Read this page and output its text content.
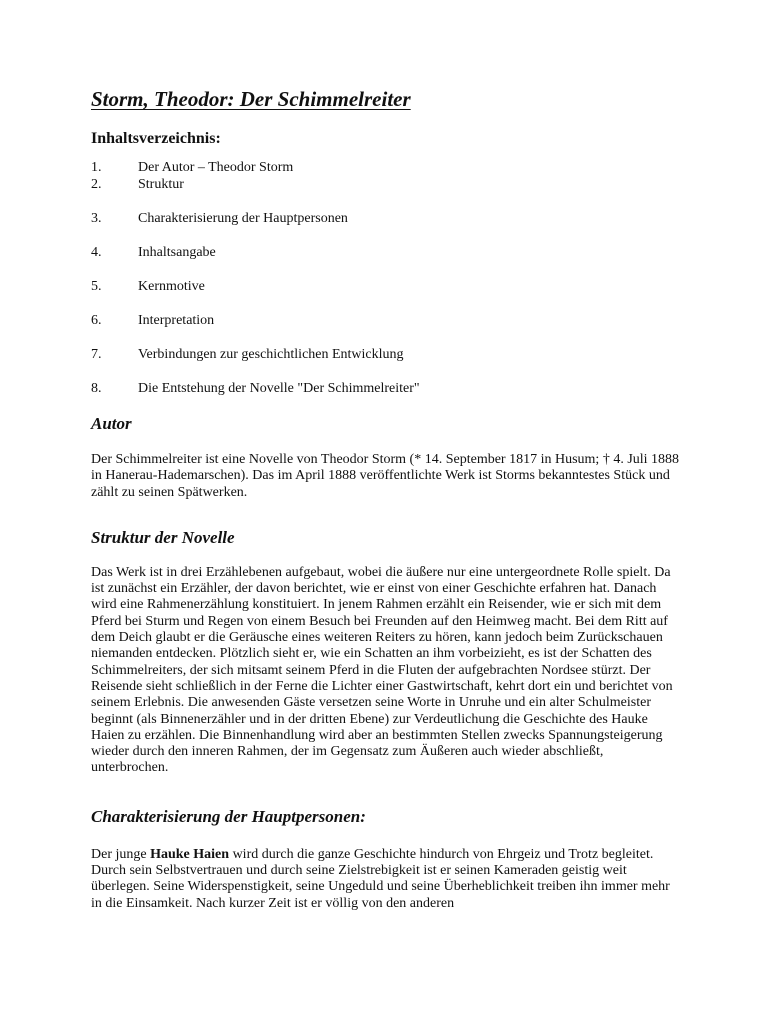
Storm, Theodor: Der Schimmelreiter
Inhaltsverzeichnis:
1.	Der Autor – Theodor Storm
2.	Struktur
3.	Charakterisierung der Hauptpersonen
4.	Inhaltsangabe
5.	Kernmotive
6.	Interpretation
7.	Verbindungen zur geschichtlichen Entwicklung
8.	Die Entstehung der Novelle "Der Schimmelreiter"
Autor

Der Schimmelreiter ist eine Novelle von Theodor Storm (* 14. September 1817 in Husum; † 4. Juli 1888 in Hanerau-Hademarschen). Das im April 1888 veröffentlichte Werk ist Storms bekanntestes Stück und zählt zu seinen Spätwerken.

Struktur der Novelle

Das Werk ist in drei Erzählebenen aufgebaut, wobei die äußere nur eine untergeordnete Rolle spielt. Da ist zunächst ein Erzähler, der davon berichtet, wie er einst von einer Geschichte erfahren hat. Danach wird eine Rahmenerzählung konstituiert. In jenem Rahmen erzählt ein Reisender, wie er sich mit dem Pferd bei Sturm und Regen von einem Besuch bei Freunden auf den Heimweg macht. Bei dem Ritt auf dem Deich glaubt er die Geräusche eines weiteren Reiters zu hören, kann jedoch beim Zurückschauen niemanden entdecken. Plötzlich sieht er, wie ein Schatten an ihm vorbeizieht, es ist der Schatten des Schimmelreiters, der sich mitsamt seinem Pferd in die Fluten der aufgebrachten Nordsee stürzt. Der Reisende sieht schließlich in der Ferne die Lichter einer Gastwirtschaft, kehrt dort ein und berichtet von seinem Erlebnis. Die anwesenden Gäste versetzen seine Worte in Unruhe und ein alter Schulmeister beginnt (als Binnenerzähler und in der dritten Ebene) zur Verdeutlichung die Geschichte des Hauke Haien zu erzählen. Die Binnenhandlung wird aber an bestimmten Stellen zwecks Spannungsteigerung wieder durch den inneren Rahmen, der im Gegensatz zum Äußeren auch wieder abschließt, unterbrochen.

Charakterisierung der Hauptpersonen:

Der junge Hauke Haien wird durch die ganze Geschichte hindurch von Ehrgeiz und Trotz begleitet. Durch sein Selbstvertrauen und durch seine Zielstrebigkeit ist er seinen Kameraden geistig weit überlegen. Seine Widerspenstigkeit, seine Ungeduld und seine Überheblichkeit treiben ihn immer mehr in die Einsamkeit. Nach kurzer Zeit ist er völlig von den anderen
